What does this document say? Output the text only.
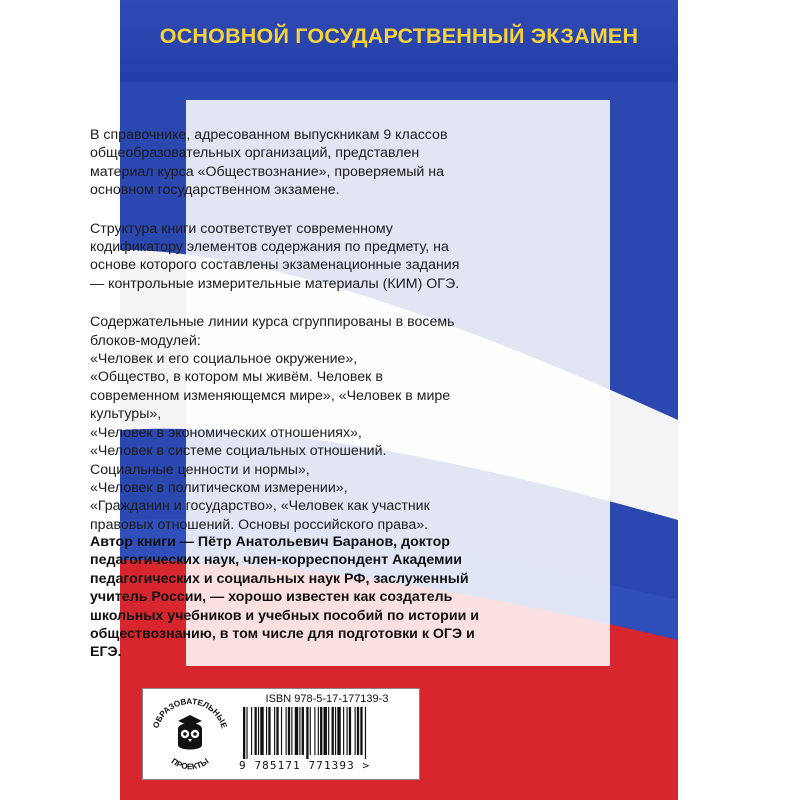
ОСНОВНОЙ ГОСУДАРСТВЕННЫЙ ЭКЗАМЕН

В справочнике, адресованном выпускникам 9 классов общеобразовательных организаций, представлен материал курса «Обществознание», проверяемый на основном государственном экзамене.

Структура книги соответствует современному кодификатору элементов содержания по предмету, на основе которого составлены экзаменационные задания — контрольные измерительные материалы (КИМ) ОГЭ.

Содержательные линии курса сгруппированы в восемь блоков-модулей:
«Человек и его социальное окружение»,
«Общество, в котором мы живём. Человек в современном изменяющемся мире», «Человек в мире культуры»,
«Человек в экономических отношениях»,
«Человек в системе социальных отношений. Социальные ценности и нормы»,
«Человек в политическом измерении»,
«Гражданин и государство», «Человек как участник правовых отношений. Основы российского права».
Автор книги — Пётр Анатольевич Баранов, доктор педагогических наук, член-корреспондент Академии педагогических и социальных наук РФ, заслуженный учитель России, — хорошо известен как создатель школьных учебников и учебных пособий по истории и обществознанию, в том числе для подготовки к ОГЭ и ЕГЭ.
ОБРАЗОВАТЕЛЬНЫЕ
ПРОЕКТЫ
ISBN 978-5-17-177139-3
9 785171 771393 >
